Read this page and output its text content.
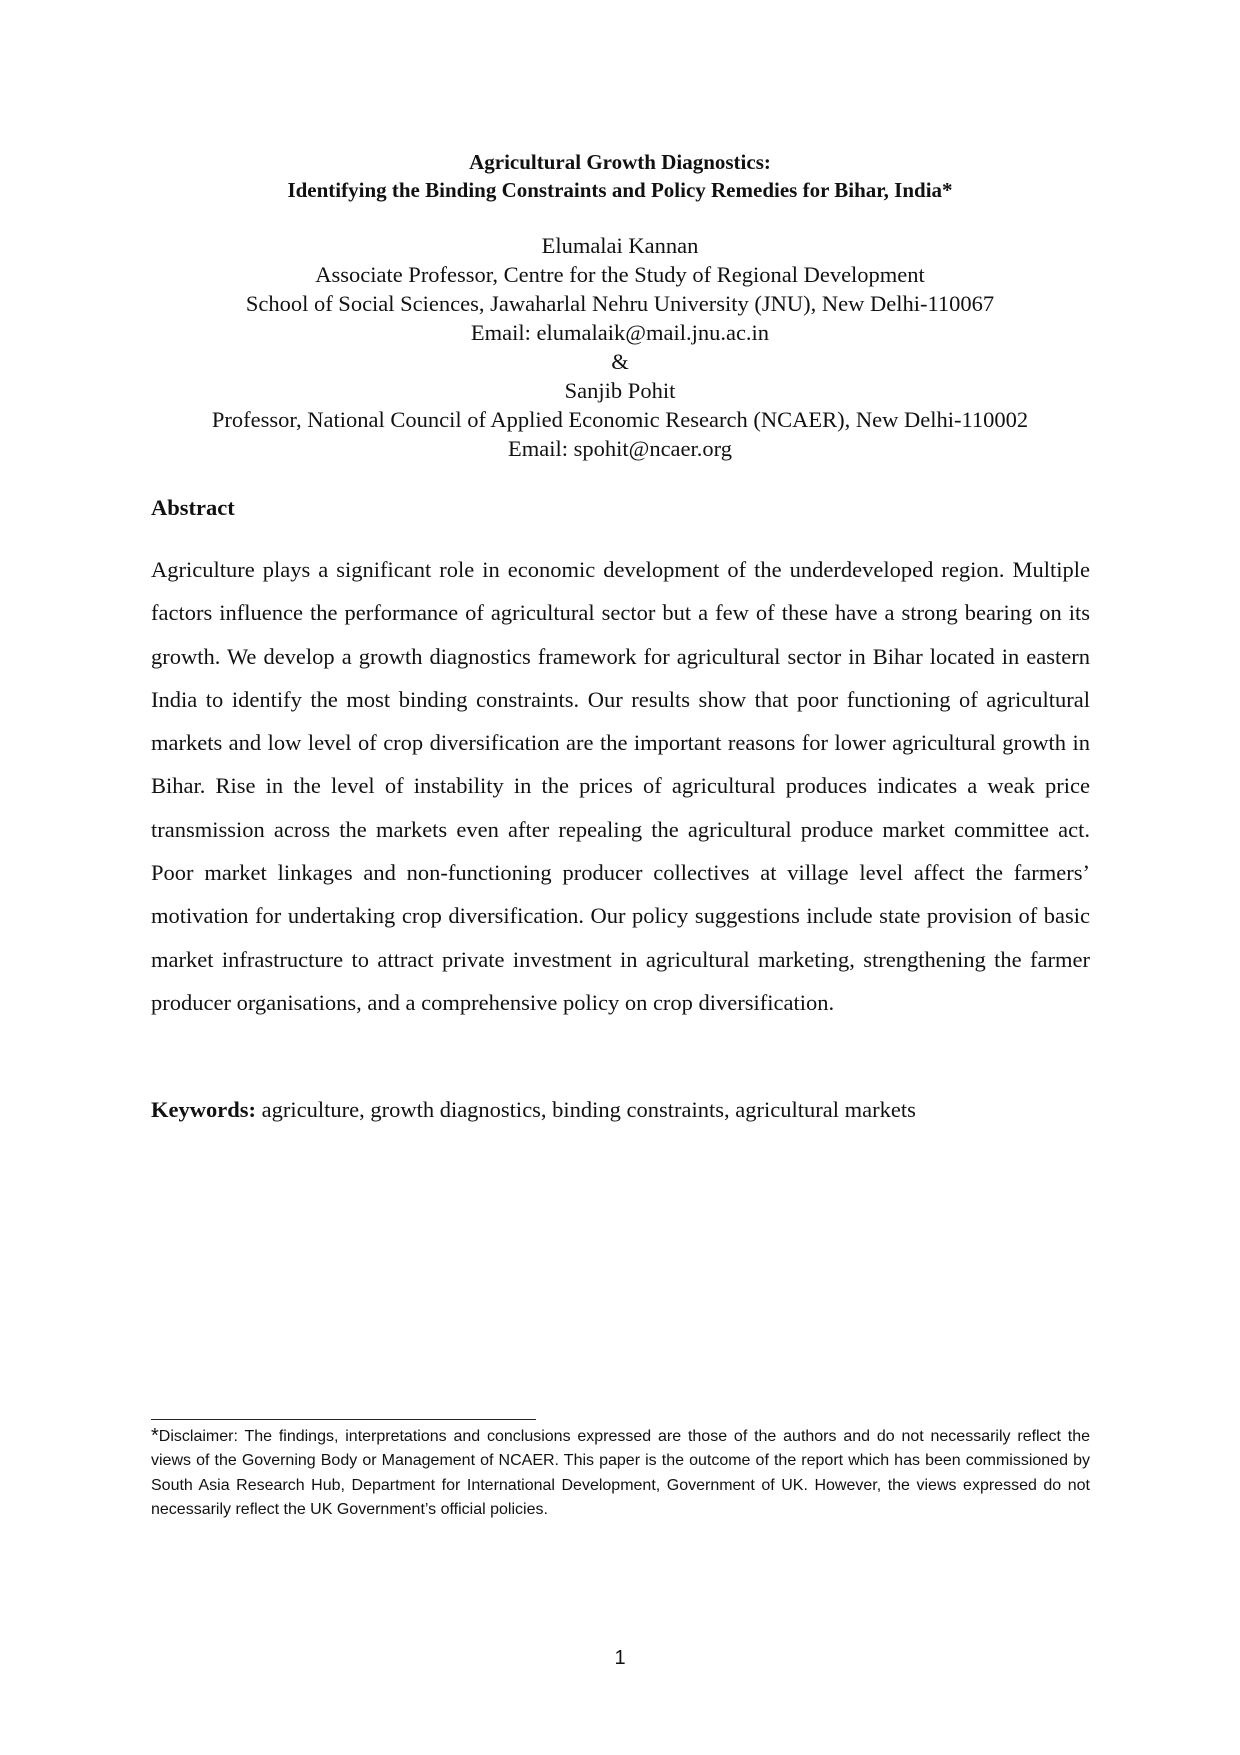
Agricultural Growth Diagnostics:
Identifying the Binding Constraints and Policy Remedies for Bihar, India*
Elumalai Kannan
Associate Professor, Centre for the Study of Regional Development
School of Social Sciences, Jawaharlal Nehru University (JNU), New Delhi-110067
Email: elumalaik@mail.jnu.ac.in
&
Sanjib Pohit
Professor, National Council of Applied Economic Research (NCAER), New Delhi-110002
Email: spohit@ncaer.org
Abstract

Agriculture plays a significant role in economic development of the underdeveloped region. Multiple factors influence the performance of agricultural sector but a few of these have a strong bearing on its growth. We develop a growth diagnostics framework for agricultural sector in Bihar located in eastern India to identify the most binding constraints. Our results show that poor functioning of agricultural markets and low level of crop diversification are the important reasons for lower agricultural growth in Bihar. Rise in the level of instability in the prices of agricultural produces indicates a weak price transmission across the markets even after repealing the agricultural produce market committee act. Poor market linkages and non-functioning producer collectives at village level affect the farmers’ motivation for undertaking crop diversification. Our policy suggestions include state provision of basic market infrastructure to attract private investment in agricultural marketing, strengthening the farmer producer organisations, and a comprehensive policy on crop diversification.

Keywords: agriculture, growth diagnostics, binding constraints, agricultural markets

*Disclaimer: The findings, interpretations and conclusions expressed are those of the authors and do not necessarily reflect the views of the Governing Body or Management of NCAER. This paper is the outcome of the report which has been commissioned by South Asia Research Hub, Department for International Development, Government of UK. However, the views expressed do not necessarily reflect the UK Government’s official policies.

1
